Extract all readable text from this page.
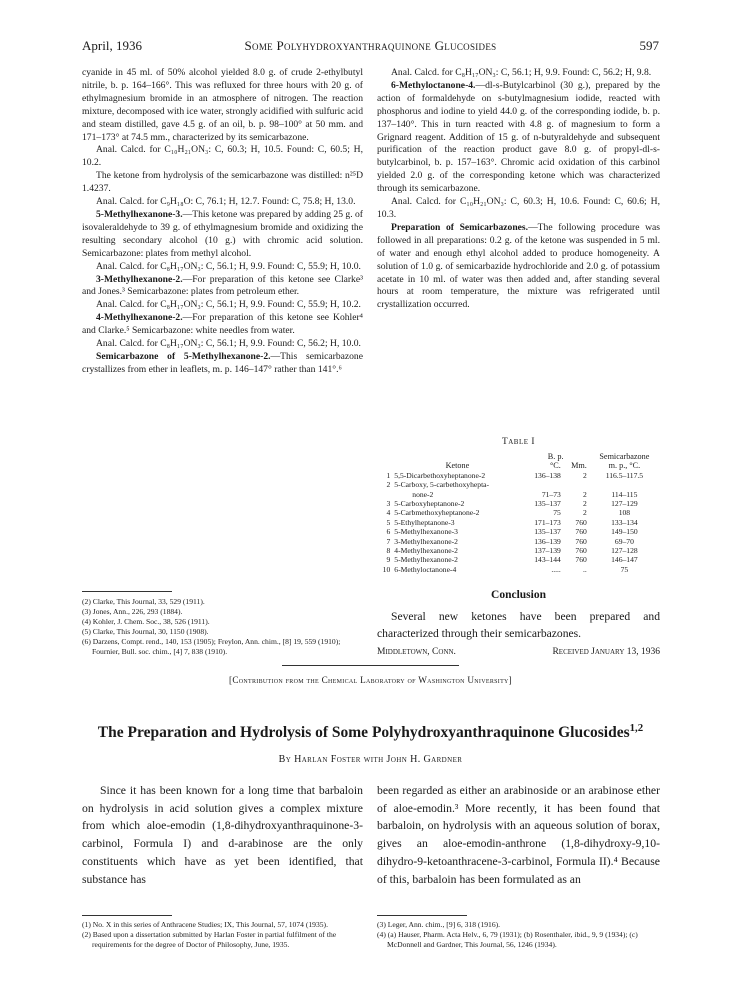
April, 1936	Some Polyhydroxyanthraquinone Glucosides	597

cyanide in 45 ml. of 50% alcohol yielded 8.0 g. of crude 2-ethylbutyl nitrile, b. p. 164–166°. This was refluxed for three hours with 20 g. of ethylmagnesium bromide in an atmosphere of nitrogen. The reaction mixture, decomposed with ice water, strongly acidified with sulfuric acid and steam distilled, gave 4.5 g. of an oil, b. p. 98–100° at 50 mm. and 171–173° at 74.5 mm., characterized by its semicarbazone.

Anal. Calcd. for C₁₀H₂₁ON₃: C, 60.3; H, 10.5. Found: C, 60.5; H, 10.2.

The ketone from hydrolysis of the semicarbazone was distilled: n²⁵D 1.4237.

Anal. Calcd. for C₉H₁₈O: C, 76.1; H, 12.7. Found: C, 75.8; H, 13.0.

5-Methylhexanone-3.—This ketone was prepared by adding 25 g. of isovaleraldehyde to 39 g. of ethylmagnesium bromide and oxidizing the resulting secondary alcohol (10 g.) with chromic acid solution. Semicarbazone: plates from methyl alcohol.

Anal. Calcd. for C₈H₁₇ON₃: C, 56.1; H, 9.9. Found: C, 55.9; H, 10.0.

3-Methylhexanone-2.—For preparation of this ketone see Clarke³ and Jones.³ Semicarbazone: plates from petroleum ether.

Anal. Calcd. for C₈H₁₇ON₃: C, 56.1; H, 9.9. Found: C, 55.9; H, 10.2.

4-Methylhexanone-2.—For preparation of this ketone see Kohler⁴ and Clarke.⁵ Semicarbazone: white needles from water.

Anal. Calcd. for C₈H₁₇ON₃: C, 56.1; H, 9.9. Found: C, 56.2; H, 10.0.

Semicarbazone of 5-Methylhexanone-2.—This semicarbazone crystallizes from ether in leaflets, m. p. 146–147° rather than 141°.⁶

(2) Clarke, This Journal, 33, 529 (1911).
(3) Jones, Ann., 226, 293 (1884).
(4) Kohler, J. Chem. Soc., 38, 526 (1911).
(5) Clarke, This Journal, 30, 1150 (1908).
(6) Darzens, Compt. rend., 140, 153 (1905); Freylon, Ann. chim., [8] 19, 559 (1910); Fournier, Bull. soc. chim., [4] 7, 838 (1910).

Anal. Calcd. for C₈H₁₇ON₃: C, 56.1; H, 9.9. Found: C, 56.2; H, 9.8.

6-Methyloctanone-4.—dl-s-Butylcarbinol (30 g.), prepared by the action of formaldehyde on s-butylmagnesium iodide, reacted with phosphorus and iodine to yield 44.0 g. of the corresponding iodide, b. p. 137–140°. This in turn reacted with 4.8 g. of magnesium to form a Grignard reagent. Addition of 15 g. of n-butyraldehyde and subsequent purification of the reaction product gave 8.0 g. of propyl-dl-s-butylcarbinol, b. p. 157–163°. Chromic acid oxidation of this carbinol yielded 2.0 g. of the corresponding ketone which was characterized through its semicarbazone.

Anal. Calcd. for C₁₀H₂₁ON₃: C, 60.3; H, 10.6. Found: C, 60.6; H, 10.3.

Preparation of Semicarbazones.—The following procedure was followed in all preparations: 0.2 g. of the ketone was suspended in 5 ml. of water and enough ethyl alcohol added to produce homogeneity. A solution of 1.0 g. of semicarbazide hydrochloride and 2.0 g. of potassium acetate in 10 ml. of water was then added and, after standing several hours at room temperature, the mixture was refrigerated until crystallization occurred.

Table I
		B. p.		Semicarbazone
	Ketone	°C.	Mm.	m. p., °C.
1	5,5-Dicarbethoxyheptanone-2	136–138	2	116.5–117.5
2	5-Carboxy, 5-carbethoxyhepta-			
	none-2	71–73	2	114–115
3	5-Carboxyheptanone-2	135–137	2	127–129
4	5-Carbmethoxyheptanone-2	75	2	108
5	5-Ethylheptanone-3	171–173	760	133–134
6	5-Methylhexanone-3	135–137	760	149–150
7	3-Methylhexanone-2	136–139	760	69–70
8	4-Methylhexanone-2	137–139	760	127–128
9	5-Methylhexanone-2	143–144	760	146–147
10	6-Methyloctanone-4	.....	..	75
Conclusion
Several new ketones have been prepared and characterized through their semicarbazones.
Middletown, Conn.	Received January 13, 1936
[Contribution from the Chemical Laboratory of Washington University]
The Preparation and Hydrolysis of Some Polyhydroxyanthraquinone Glucosides$^{1,2}$
By Harlan Foster with John H. Gardner

Since it has been known for a long time that barbaloin on hydrolysis in acid solution gives a complex mixture from which aloe-emodin (1,8-dihydroxyanthraquinone-3-carbinol, Formula I) and d-arabinose are the only constituents which have as yet been identified, that substance has

been regarded as either an arabinoside or an arabinose ether of aloe-emodin.³ More recently, it has been found that barbaloin, on hydrolysis with an aqueous solution of borax, gives an aloe-emodin-anthrone (1,8-dihydroxy-9,10-dihydro-9-ketoanthracene-3-carbinol, Formula II).⁴ Because of this, barbaloin has been formulated as an

(1) No. X in this series of Anthracene Studies; IX, This Journal, 57, 1074 (1935).
(2) Based upon a dissertation submitted by Harlan Foster in partial fulfilment of the requirements for the degree of Doctor of Philosophy, June, 1935.
(3) Leger, Ann. chim., [9] 6, 318 (1916).
(4) (a) Hauser, Pharm. Acta Helv., 6, 79 (1931); (b) Rosenthaler, ibid., 9, 9 (1934); (c) McDonnell and Gardner, This Journal, 56, 1246 (1934).
